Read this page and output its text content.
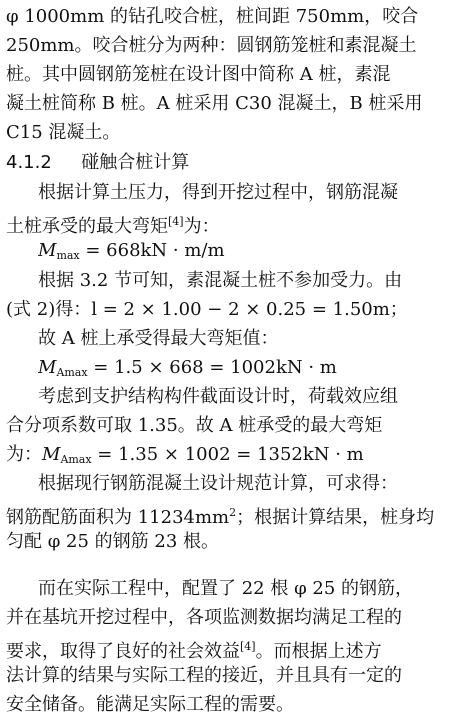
φ 1000mm 的钻孔咬合桩，桩间距 750mm，咬合
250mm。咬合桩分为两种：圆钢筋笼桩和素混凝土
桩。其中圆钢筋笼桩在设计图中简称 A 桩，素混
凝土桩简称 B 桩。A 桩采用 C30 混凝土，B 桩采用
C15 混凝土。
4.1.2 碰触合桩计算
根据计算土压力，得到开挖过程中，钢筋混凝
土桩承受的最大弯矩[4]为：
$M_{max} = 668kN \cdot m/m$
根据 3.2 节可知，素混凝土桩不参加受力。由
(式 2)得：l = 2 × 1.00 − 2 × 0.25 = 1.50m；
故 A 桩上承受得最大弯矩值：
$M_{Amax} = 1.5 \times 668 = 1002kN \cdot m$
考虑到支护结构构件截面设计时，荷载效应组
合分项系数可取 1.35。故 A 桩承受的最大弯矩
为：$M_{Amax} = 1.35 \times 1002 = 1352kN \cdot m$
根据现行钢筋混凝土设计规范计算，可求得：
钢筋配筋面积为 $11234mm^2$；根据计算结果，桩身均
匀配 φ 25 的钢筋 23 根。
而在实际工程中，配置了 22 根 φ 25 的钢筋，
并在基坑开挖过程中，各项监测数据均满足工程的
要求，取得了良好的社会效益[4]。而根据上述方
法计算的结果与实际工程的接近，并且具有一定的
安全储备。能满足实际工程的需要。
